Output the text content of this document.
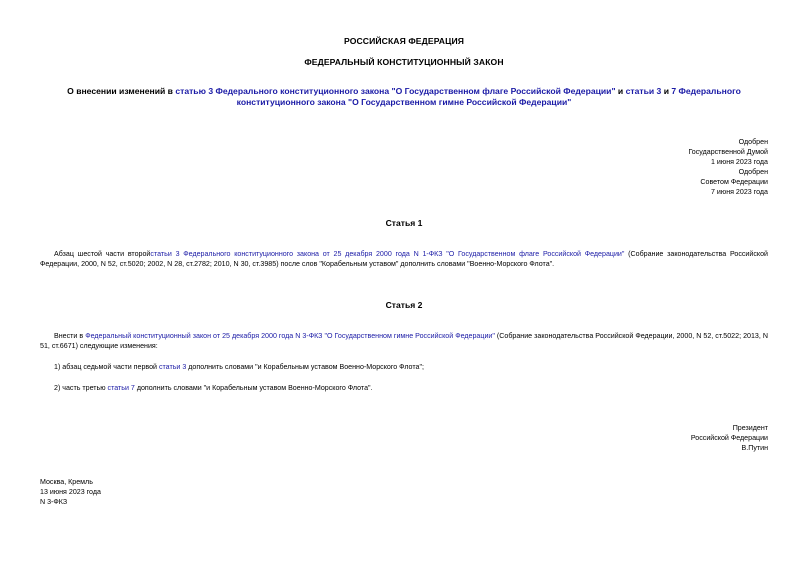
РОССИЙСКАЯ ФЕДЕРАЦИЯ
ФЕДЕРАЛЬНЫЙ КОНСТИТУЦИОННЫЙ ЗАКОН
О внесении изменений в статью 3 Федерального конституционного закона "О Государственном флаге Российской Федерации" и статьи 3 и 7 Федерального конституционного закона "О Государственном гимне Российской Федерации"
Одобрен
Государственной Думой
1 июня 2023 года
Одобрен
Советом Федерации
7 июня 2023 года
Статья 1
Абзац шестой части второйстатьи 3 Федерального конституционного закона от 25 декабря 2000 года N 1-ФКЗ "О Государственном флаге Российской Федерации" (Собрание законодательства Российской Федерации, 2000, N 52, ст.5020; 2002, N 28, ст.2782; 2010, N 30, ст.3985) после слов "Корабельным уставом" дополнить словами "Военно-Морского Флота".
Статья 2
Внести в Федеральный конституционный закон от 25 декабря 2000 года N 3-ФКЗ "О Государственном гимне Российской Федерации" (Собрание законодательства Российской Федерации, 2000, N 52, ст.5022; 2013, N 51, ст.6671) следующие изменения:
1) абзац седьмой части первой статьи 3 дополнить словами "и Корабельным уставом Военно-Морского Флота";
2) часть третью статьи 7 дополнить словами "и Корабельным уставом Военно-Морского Флота".
Президент
Российской Федерации
В.Путин
Москва, Кремль
13 июня 2023 года
N 3-ФКЗ
